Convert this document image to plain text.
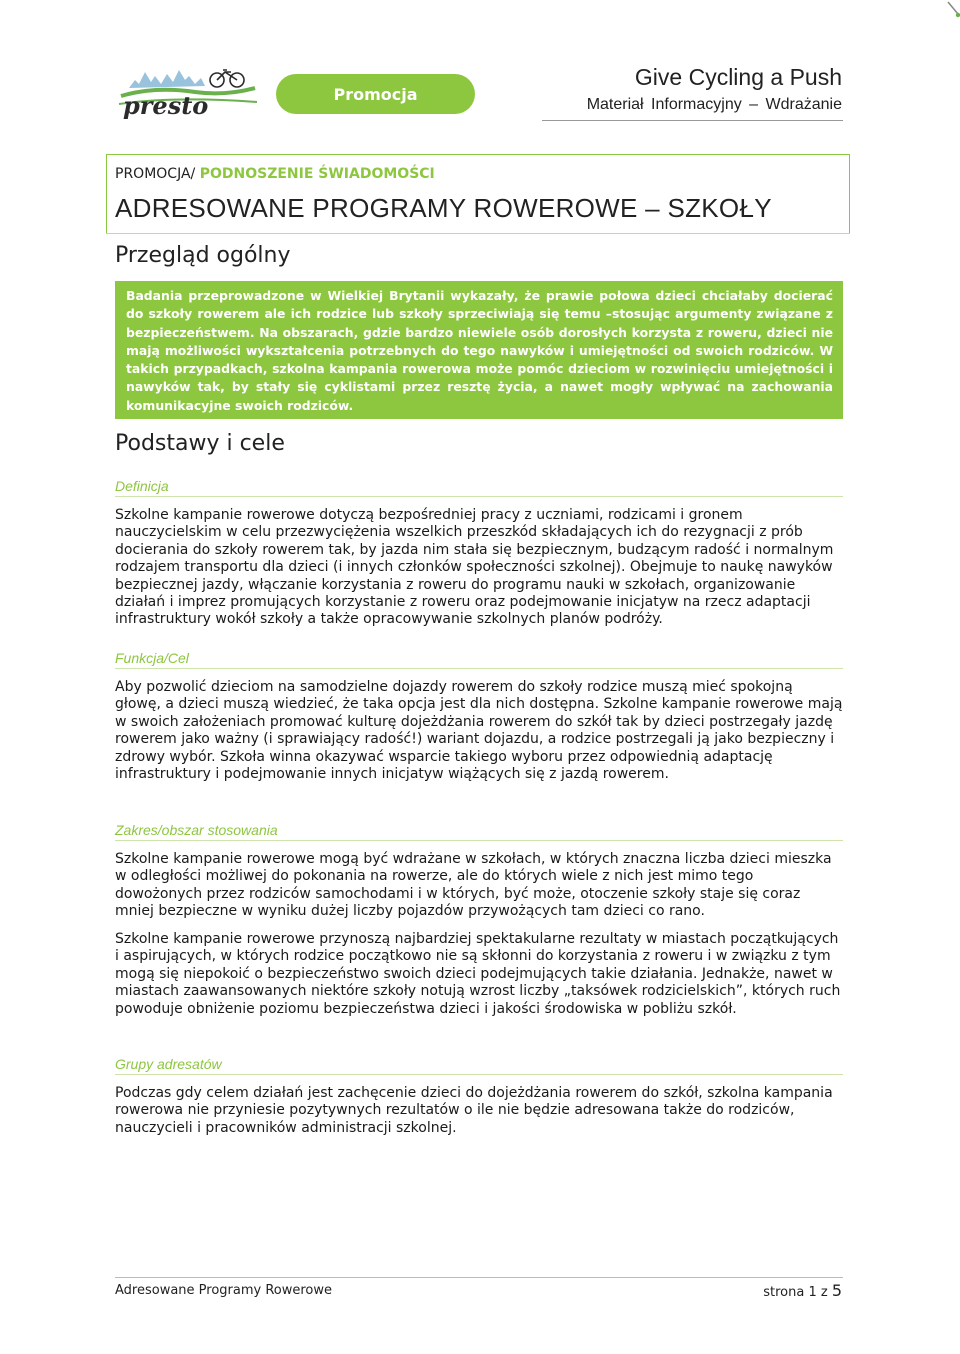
presto	Promocja
Give Cycling a Push
Materiał Informacyjny – Wdrażanie
PROMOCJA/ PODNOSZENIE ŚWIADOMOŚCI
ADRESOWANE PROGRAMY ROWEROWE – SZKOŁY
Przegląd ogólny
Badania przeprowadzone w Wielkiej Brytanii wykazały, że prawie połowa dzieci chciałaby docierać do szkoły rowerem ale ich rodzice lub szkoły sprzeciwiają się temu –stosując argumenty związane z bezpieczeństwem. Na obszarach, gdzie bardzo niewiele osób dorosłych korzysta z roweru, dzieci nie mają możliwości wykształcenia potrzebnych do tego nawyków i umiejętności od swoich rodziców. W takich przypadkach, szkolna kampania rowerowa może pomóc dzieciom w rozwinięciu umiejętności i nawyków tak, by stały się cyklistami przez resztę życia, a nawet mogły wpływać na zachowania komunikacyjne swoich rodziców.
Podstawy i cele
Definicja

Szkolne kampanie rowerowe dotyczą bezpośredniej pracy z uczniami, rodzicami i gronem nauczycielskim w celu przezwyciężenia wszelkich przeszkód składających ich do rezygnacji z prób docierania do szkoły rowerem tak, by jazda nim stała się bezpiecznym, budzącym radość i normalnym rodzajem transportu dla dzieci (i innych członków społeczności szkolnej). Obejmuje to naukę nawyków bezpiecznej jazdy, włączanie korzystania z roweru do programu nauki w szkołach, organizowanie działań i imprez promujących korzystanie z roweru oraz podejmowanie inicjatyw na rzecz adaptacji infrastruktury wokół szkoły a także opracowywanie szkolnych planów podróży.

Funkcja/Cel

Aby pozwolić dzieciom na samodzielne dojazdy rowerem do szkoły rodzice muszą mieć spokojną głowę, a dzieci muszą wiedzieć, że taka opcja jest dla nich dostępna. Szkolne kampanie rowerowe mają w swoich założeniach promować kulturę dojeżdżania rowerem do szkół tak by dzieci postrzegały jazdę rowerem jako ważny (i sprawiający radość!) wariant dojazdu, a rodzice postrzegali ją jako bezpieczny i zdrowy wybór. Szkoła winna okazywać wsparcie takiego wyboru przez odpowiednią adaptację infrastruktury i podejmowanie innych inicjatyw wiążących się z jazdą rowerem.

Zakres/obszar stosowania

Szkolne kampanie rowerowe mogą być wdrażane w szkołach, w których znaczna liczba dzieci mieszka w odległości możliwej do pokonania na rowerze, ale do których wiele z nich jest mimo tego dowożonych przez rodziców samochodami i w których, być może, otoczenie szkoły staje się coraz mniej bezpieczne w wyniku dużej liczby pojazdów przywożących tam dzieci co rano.

Szkolne kampanie rowerowe przynoszą najbardziej spektakularne rezultaty w miastach początkujących i aspirujących, w których rodzice początkowo nie są skłonni do korzystania z roweru i w związku z tym mogą się niepokoić o bezpieczeństwo swoich dzieci podejmujących takie działania. Jednakże, nawet w miastach zaawansowanych niektóre szkoły notują wzrost liczby „taksówek rodzicielskich”, których ruch powoduje obniżenie poziomu bezpieczeństwa dzieci i jakości środowiska w pobliżu szkół.

Grupy adresatów

Podczas gdy celem działań jest zachęcenie dzieci do dojeżdżania rowerem do szkół, szkolna kampania rowerowa nie przyniesie pozytywnych rezultatów o ile nie będzie adresowana także do rodziców, nauczycieli i pracowników administracji szkolnej.

Adresowane Programy Rowerowe	strona 1 z 5
